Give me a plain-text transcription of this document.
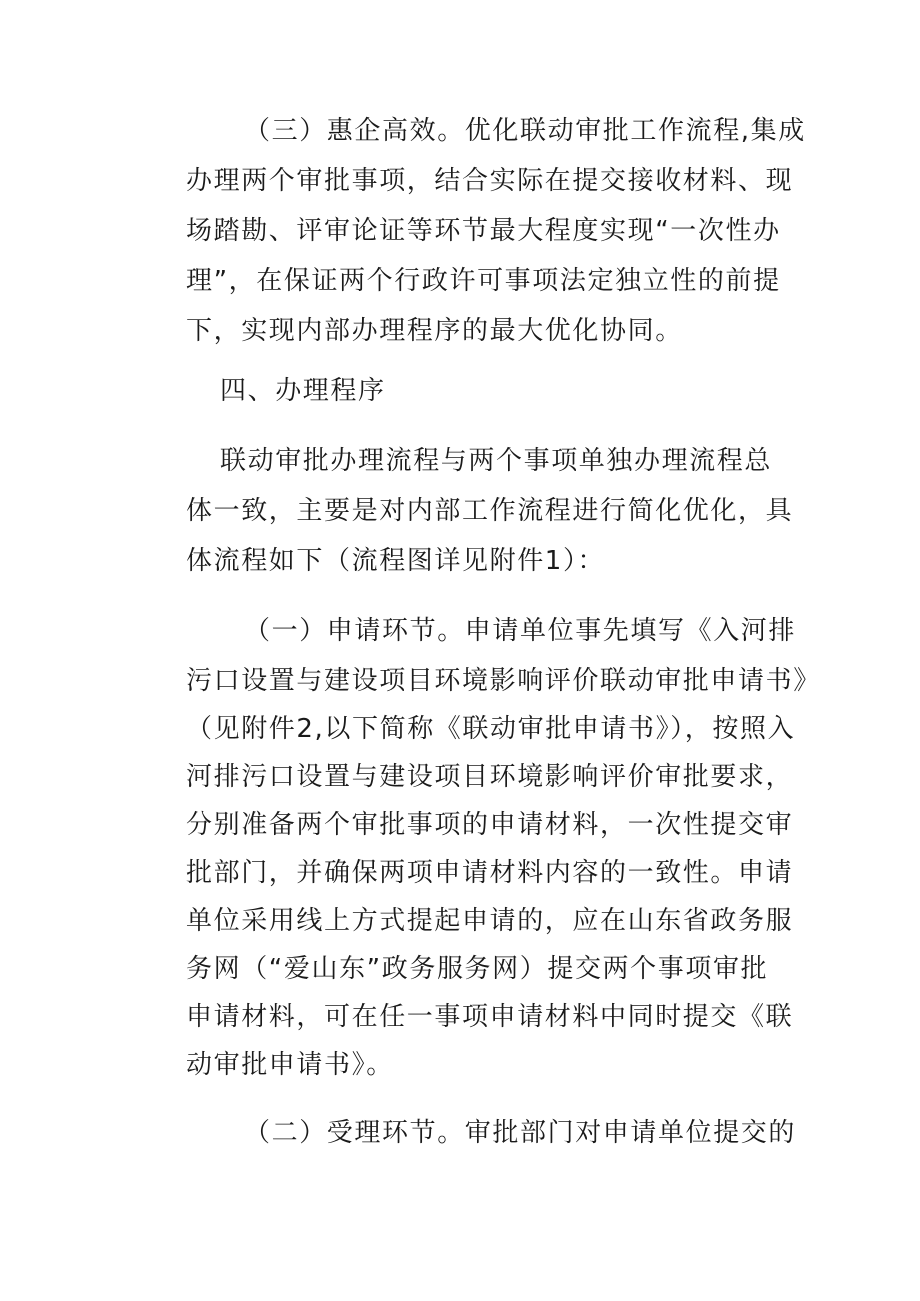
（三）惠企高效。优化联动审批工作流程,集成
办理两个审批事项，结合实际在提交接收材料、现
场踏勘、评审论证等环节最大程度实现“一次性办
理”，在保证两个行政许可事项法定独立性的前提
下，实现内部办理程序的最大优化协同。
四、办理程序
联动审批办理流程与两个事项单独办理流程总
体一致，主要是对内部工作流程进行简化优化，具
体流程如下（流程图详见附件1）：
（一）申请环节。申请单位事先填写《入河排
污口设置与建设项目环境影响评价联动审批申请书》
（见附件2,以下简称《联动审批申请书》），按照入
河排污口设置与建设项目环境影响评价审批要求，
分别准备两个审批事项的申请材料，一次性提交审
批部门，并确保两项申请材料内容的一致性。申请
单位采用线上方式提起申请的，应在山东省政务服
务网（“爱山东”政务服务网）提交两个事项审批
申请材料，可在任一事项申请材料中同时提交《联
动审批申请书》。
（二）受理环节。审批部门对申请单位提交的
